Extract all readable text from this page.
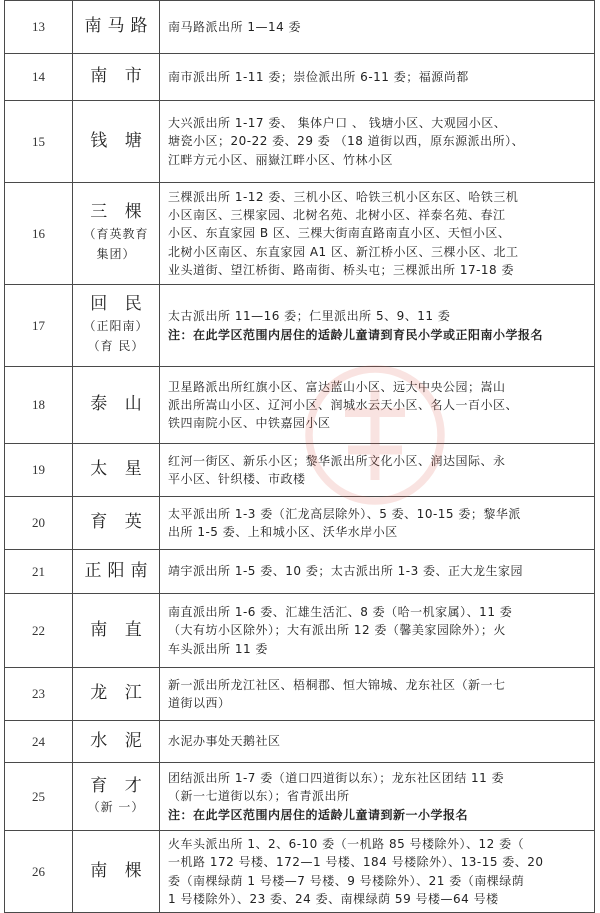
13	南马路	南马路派出所 1—14 委

14	南 市	南市派出所 1-11 委；崇俭派出所 6-11 委；福源尚都

15	钱 塘	大兴派出所 1-17 委、 集体户口 、 钱塘小区、大观园小区、
塘瓷小区；20-22 委、29 委 （18 道街以西，原东源派出所）、
江畔方元小区、丽嶽江畔小区、竹林小区

16	三 棵
（育英教育
集团）	三棵派出所 1-12 委、三机小区、哈铁三机小区东区、哈铁三机
小区南区、三棵家园、北树名苑、北树小区、祥泰名苑、春江
小区、东直家园 B 区、三棵大街南直路南直小区、天恒小区、
北树小区南区、东直家园 A1 区、新江桥小区、三棵小区、北工
业头道街、望江桥街、路南街、桥头屯；三棵派出所 17-18 委

17	回 民
（正阳南）
（育 民）	太古派出所 11—16 委；仁里派出所 5、9、11 委
注：在此学区范围内居住的适龄儿童请到育民小学或正阳南小学报名

18	泰 山	卫星路派出所红旗小区、富达蓝山小区、远大中央公园；嵩山
派出所嵩山小区、辽河小区、润城水云天小区、名人一百小区、
铁四南院小区、中铁嘉园小区

19	太 星	红河一街区、新乐小区；黎华派出所文化小区、润达国际、永
平小区、针织楼、市政楼

20	育 英	太平派出所 1-3 委（汇龙高层除外）、5 委、10-15 委；黎华派
出所 1-5 委、上和城小区、沃华水岸小区

21	正阳南	靖宇派出所 1-5 委、10 委；太古派出所 1-3 委、正大龙生家园

22	南 直	南直派出所 1-6 委、汇雄生活汇、8 委（哈一机家属）、11 委
（大有坊小区除外）；大有派出所 12 委（馨美家园除外）；火
车头派出所 11 委

23	龙 江	新一派出所龙江社区、梧桐郡、恒大锦城、龙东社区（新一七
道街以西）

24	水 泥	水泥办事处天鹅社区

25	育 才
（新 一）	团结派出所 1-7 委（道口四道街以东）；龙东社区团结 11 委
（新一七道街以东）；省青派出所
注：在此学区范围内居住的适龄儿童请到新一小学报名

26	南 棵	火车头派出所 1、2、6-10 委（一机路 85 号楼除外）、12 委（
一机路 172 号楼、172—1 号楼、184 号楼除外）、13-15 委、20
委（南棵绿荫 1 号楼—7 号楼、9 号楼除外）、21 委（南棵绿荫
1 号楼除外）、23 委、24 委、南棵绿荫 59 号楼—64 号楼
